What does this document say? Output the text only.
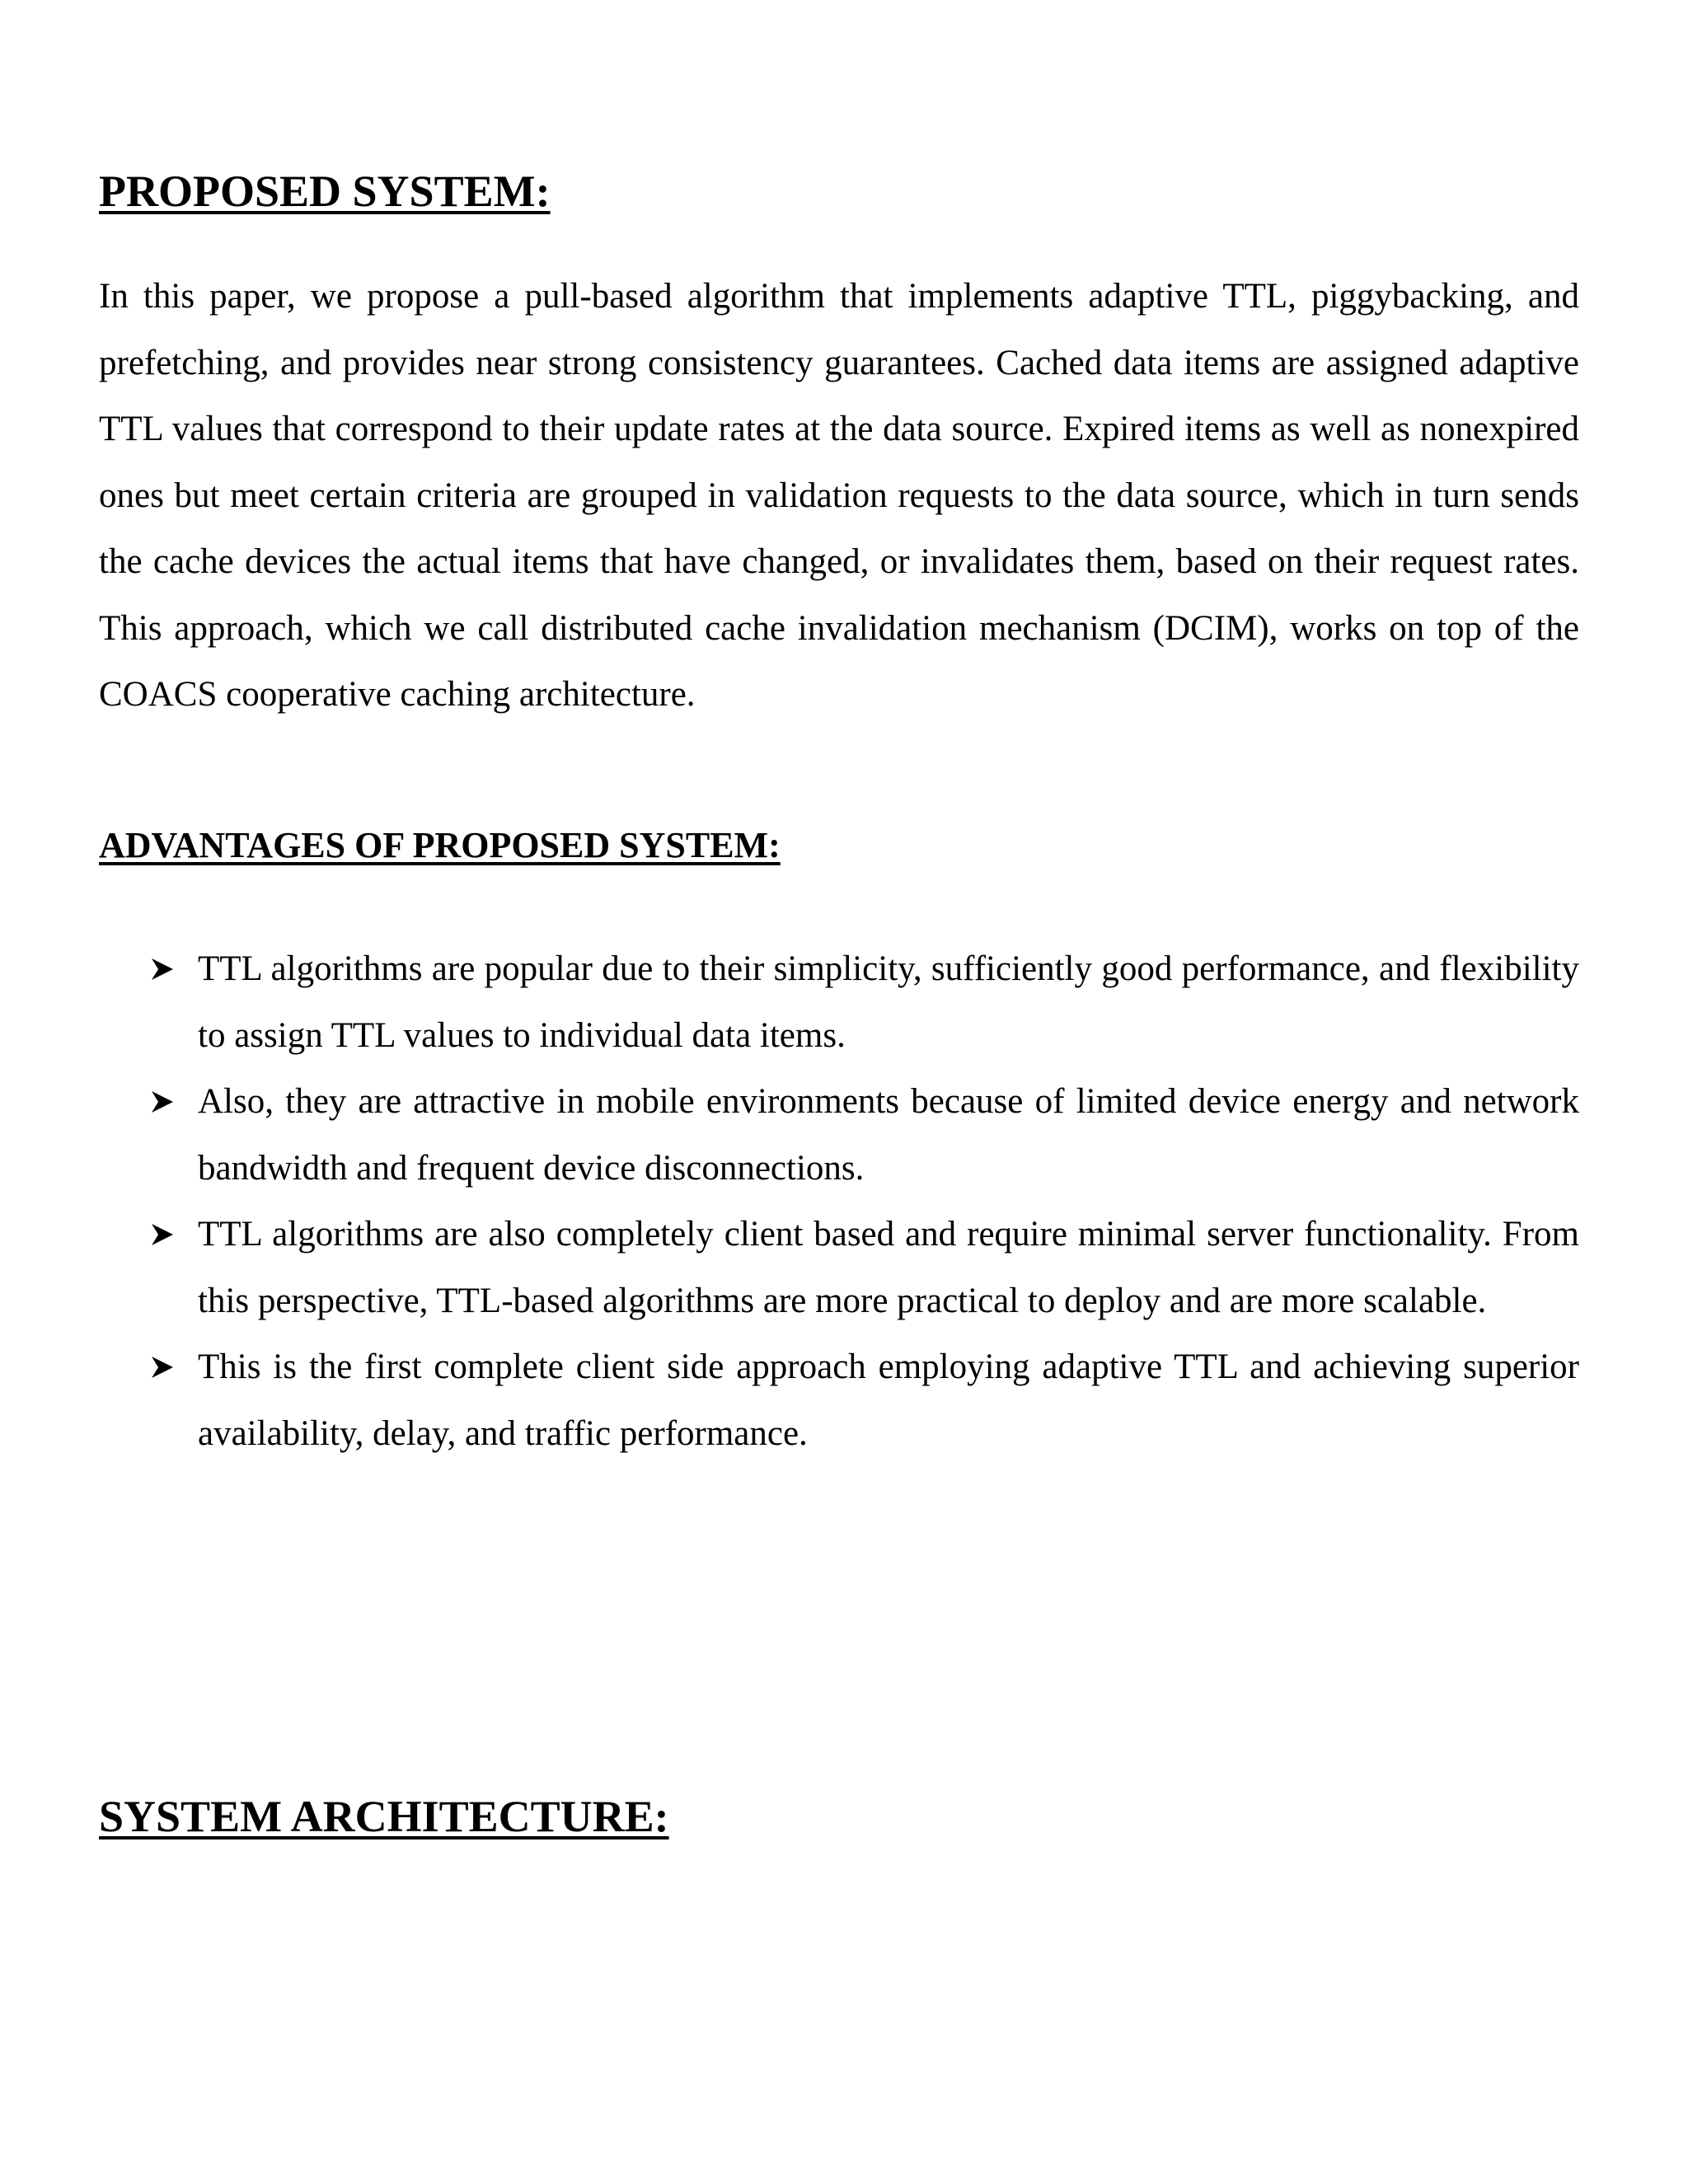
PROPOSED SYSTEM:

In this paper, we propose a pull-based algorithm that implements adaptive TTL, piggybacking, and prefetching, and provides near strong consistency guarantees. Cached data items are assigned adaptive TTL values that correspond to their update rates at the data source. Expired items as well as nonexpired ones but meet certain criteria are grouped in validation requests to the data source, which in turn sends the cache devices the actual items that have changed, or invalidates them, based on their request rates. This approach, which we call distributed cache invalidation mechanism (DCIM), works on top of the COACS cooperative caching architecture.

ADVANTAGES OF PROPOSED SYSTEM:
TTL algorithms are popular due to their simplicity, sufficiently good performance, and flexibility to assign TTL values to individual data items.
Also, they are attractive in mobile environments because of limited device energy and network bandwidth and frequent device disconnections.
TTL algorithms are also completely client based and require minimal server functionality. From this perspective, TTL-based algorithms are more practical to deploy and are more scalable.
This is the first complete client side approach employing adaptive TTL and achieving superior availability, delay, and traffic performance.
SYSTEM ARCHITECTURE:
